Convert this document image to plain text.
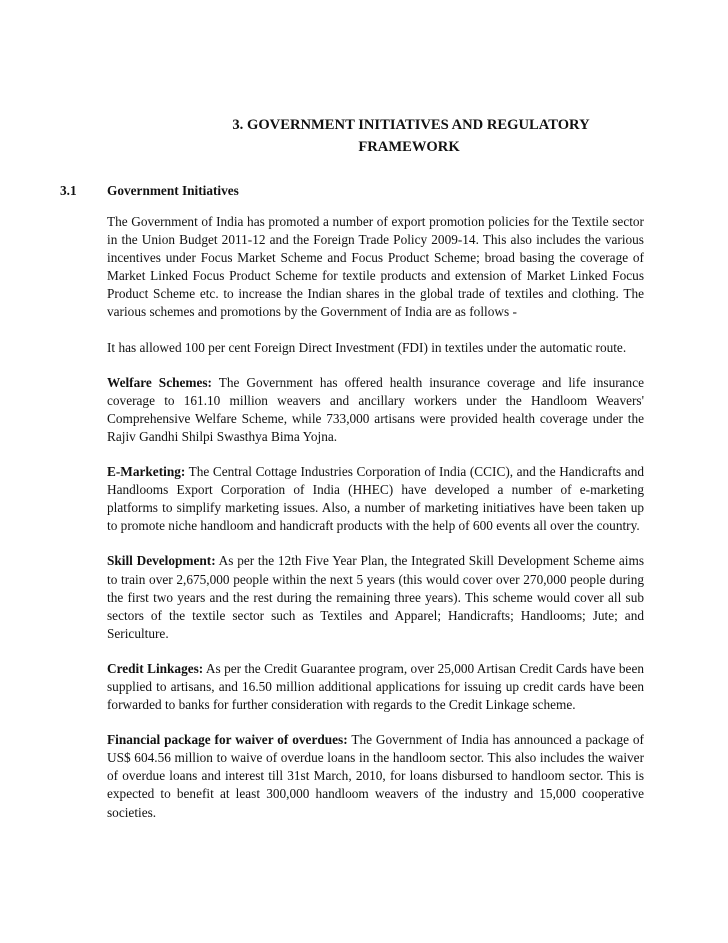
3. GOVERNMENT INITIATIVES AND REGULATORY
FRAMEWORK
3.1 Government Initiatives

The Government of India has promoted a number of export promotion policies for the Textile sector in the Union Budget 2011-12 and the Foreign Trade Policy 2009-14. This also includes the various incentives under Focus Market Scheme and Focus Product Scheme; broad basing the coverage of Market Linked Focus Product Scheme for textile products and extension of Market Linked Focus Product Scheme etc. to increase the Indian shares in the global trade of textiles and clothing. The various schemes and promotions by the Government of India are as follows -

It has allowed 100 per cent Foreign Direct Investment (FDI) in textiles under the automatic route.

Welfare Schemes: The Government has offered health insurance coverage and life insurance coverage to 161.10 million weavers and ancillary workers under the Handloom Weavers' Comprehensive Welfare Scheme, while 733,000 artisans were provided health coverage under the Rajiv Gandhi Shilpi Swasthya Bima Yojna.

E-Marketing: The Central Cottage Industries Corporation of India (CCIC), and the Handicrafts and Handlooms Export Corporation of India (HHEC) have developed a number of e-marketing platforms to simplify marketing issues. Also, a number of marketing initiatives have been taken up to promote niche handloom and handicraft products with the help of 600 events all over the country.

Skill Development: As per the 12th Five Year Plan, the Integrated Skill Development Scheme aims to train over 2,675,000 people within the next 5 years (this would cover over 270,000 people during the first two years and the rest during the remaining three years). This scheme would cover all sub sectors of the textile sector such as Textiles and Apparel; Handicrafts; Handlooms; Jute; and Sericulture.

Credit Linkages: As per the Credit Guarantee program, over 25,000 Artisan Credit Cards have been supplied to artisans, and 16.50 million additional applications for issuing up credit cards have been forwarded to banks for further consideration with regards to the Credit Linkage scheme.

Financial package for waiver of overdues: The Government of India has announced a package of US$ 604.56 million to waive of overdue loans in the handloom sector. This also includes the waiver of overdue loans and interest till 31st March, 2010, for loans disbursed to handloom sector. This is expected to benefit at least 300,000 handloom weavers of the industry and 15,000 cooperative societies.
